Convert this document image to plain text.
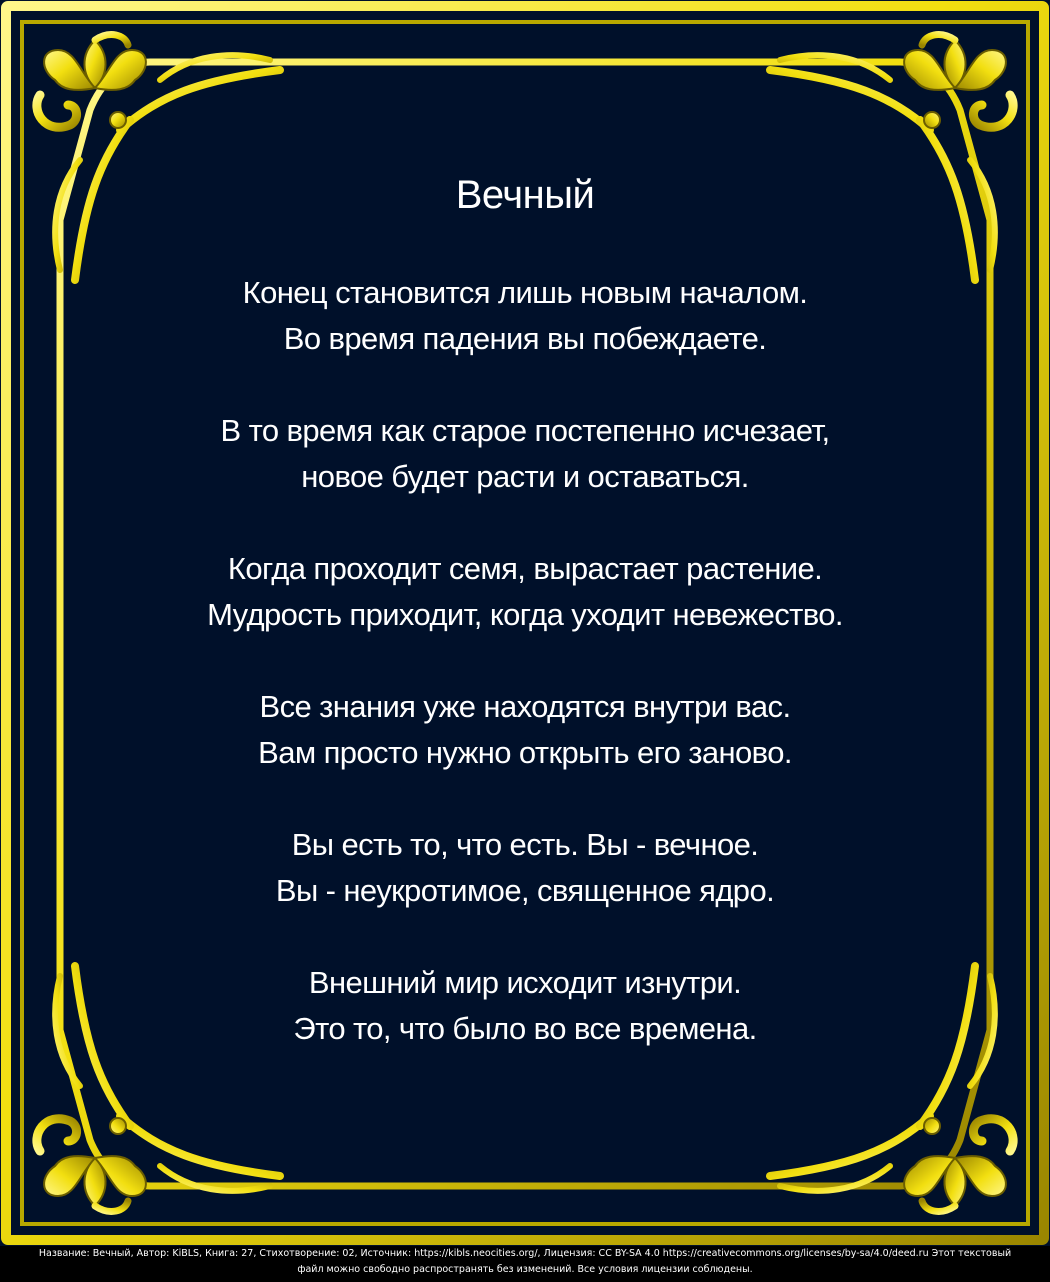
Вечный
Конец становится лишь новым началом.
Во время падения вы побеждаете.
В то время как старое постепенно исчезает,
новое будет расти и оставаться.
Когда проходит семя, вырастает растение.
Мудрость приходит, когда уходит невежество.
Все знания уже находятся внутри вас.
Вам просто нужно открыть его заново.
Вы есть то, что есть. Вы - вечное.
Вы - неукротимое, священное ядро.
Внешний мир исходит изнутри.
Это то, что было во все времена.
Название: Вечный, Автор: KiBLS, Книга: 27, Стихотворение: 02, Источник: https://kibls.neocities.org/, Лицензия: CC BY-SA 4.0 https://creativecommons.org/licenses/by-sa/4.0/deed.ru Этот текстовый
файл можно свободно распространять без изменений. Все условия лицензии соблюдены.
